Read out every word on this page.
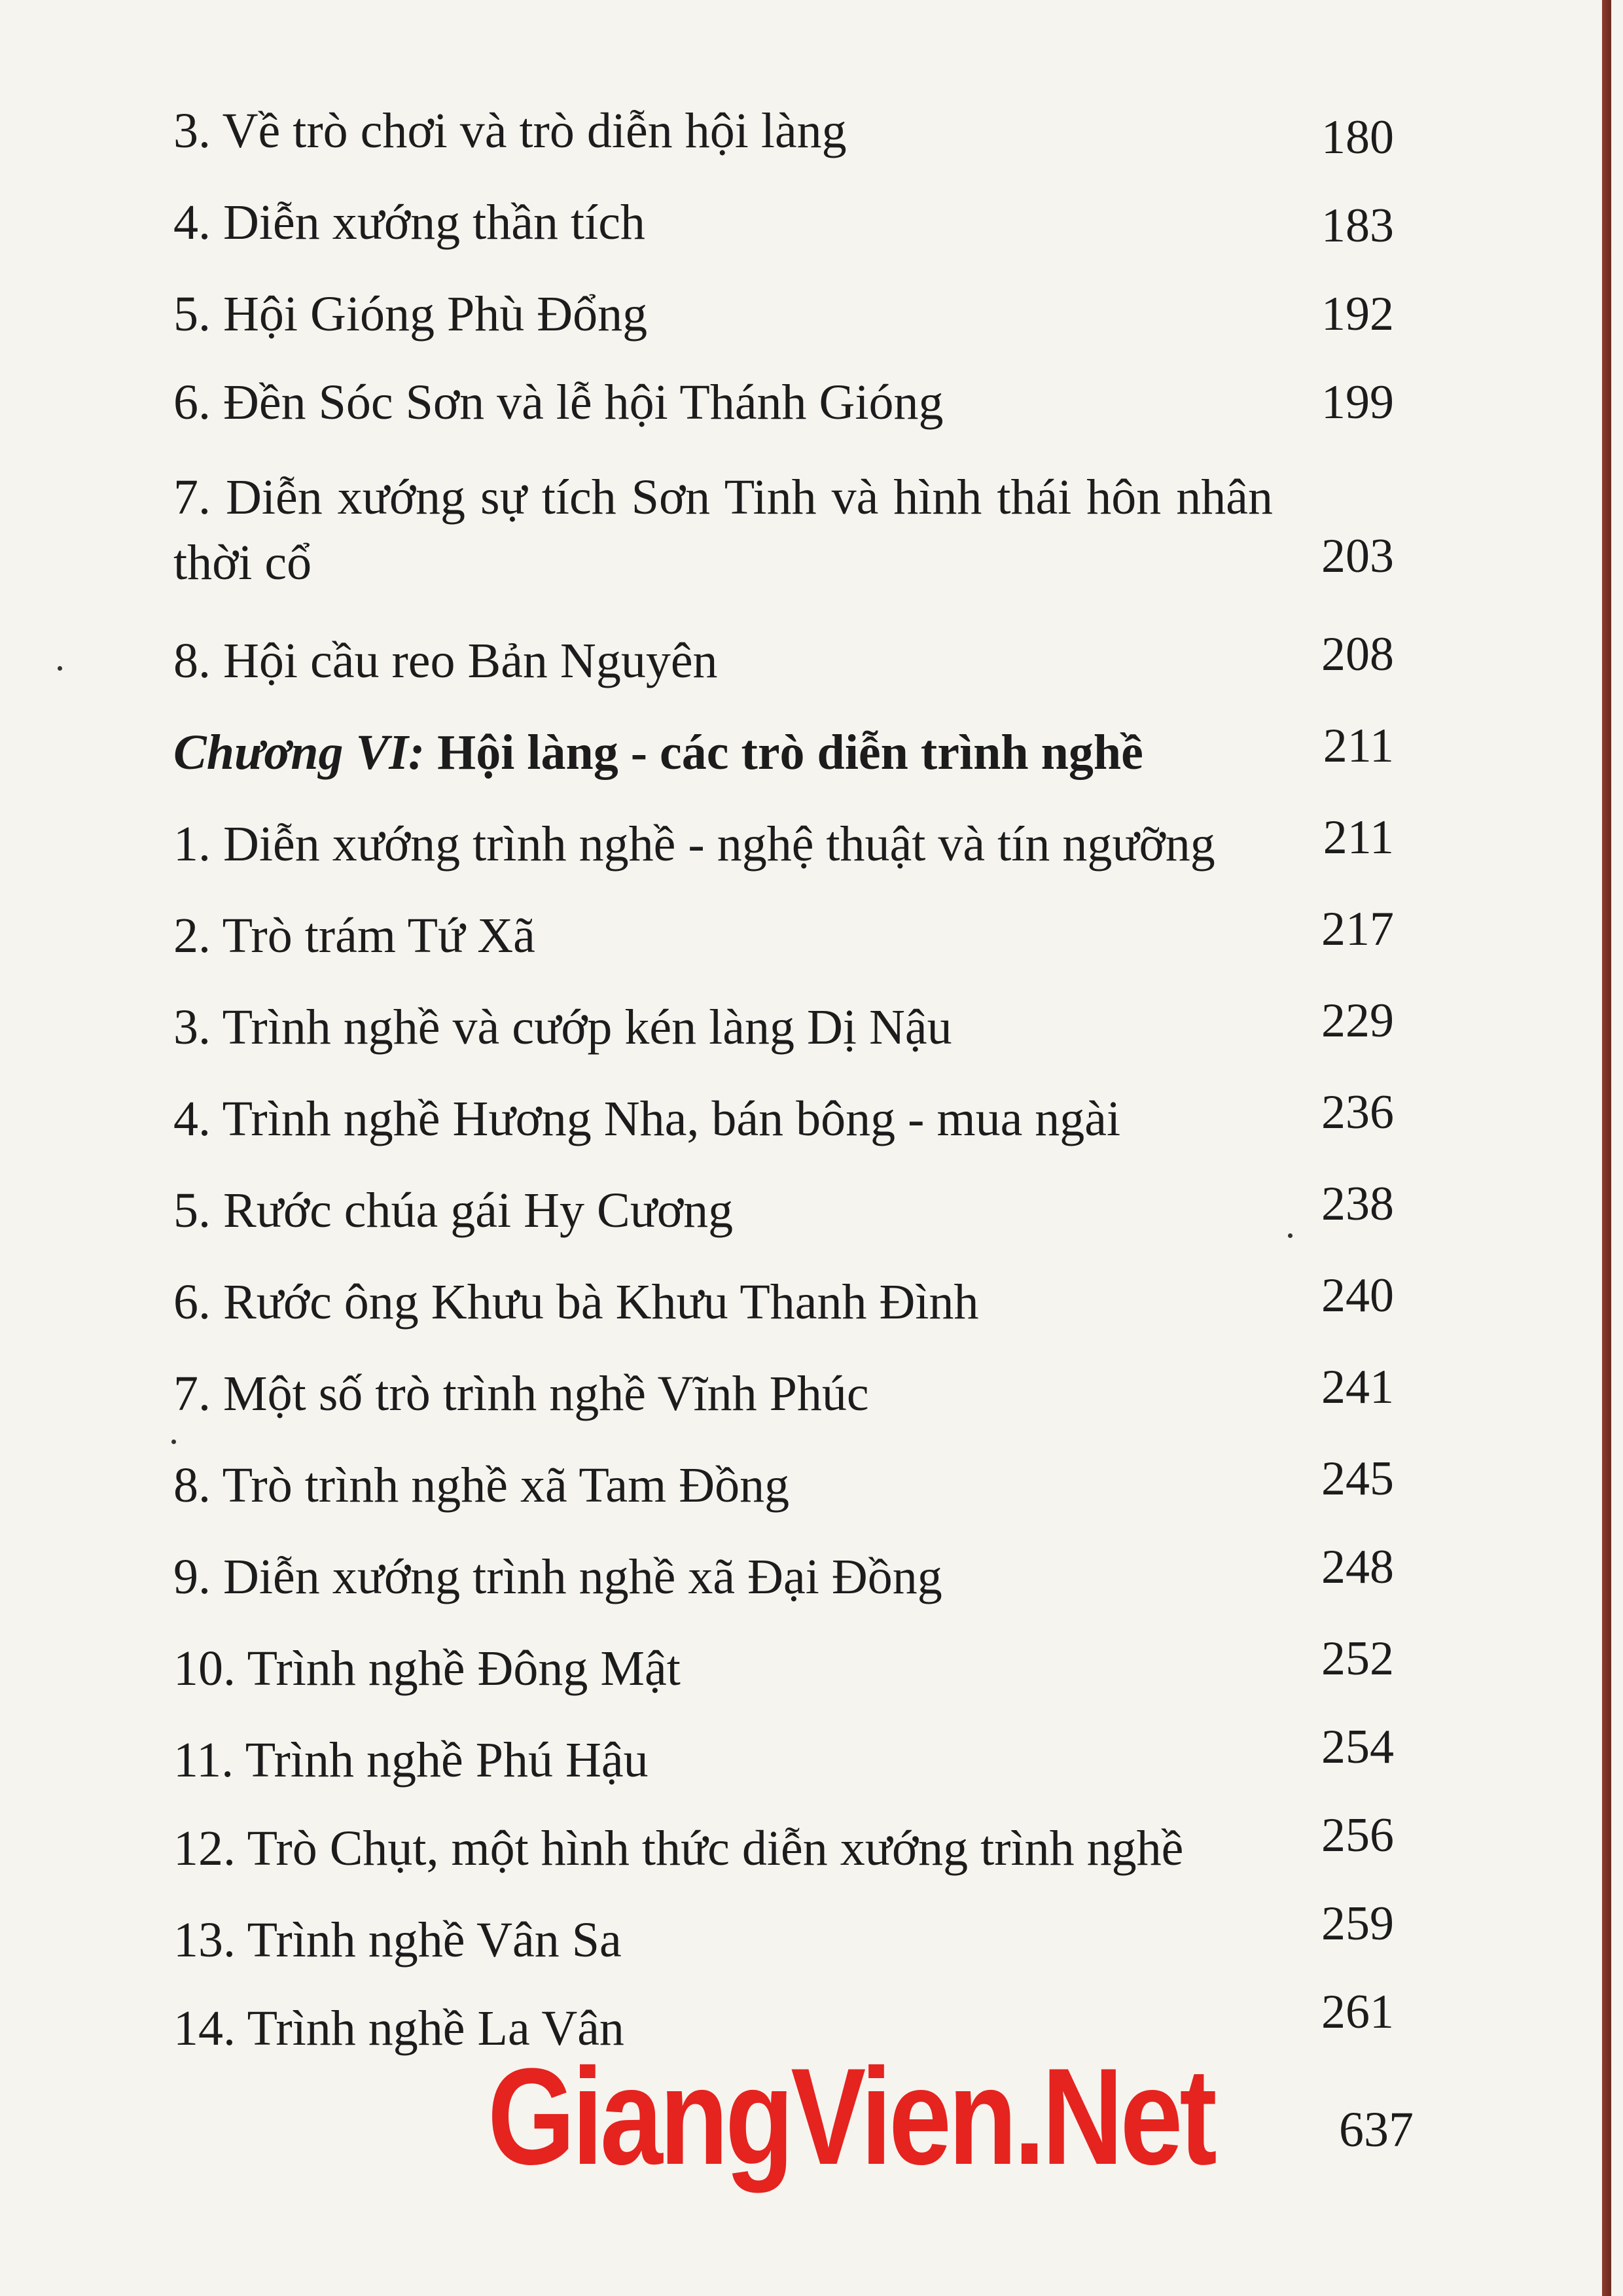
3. Về trò chơi và trò diễn hội làng	180
4. Diễn xướng thần tích	183
5. Hội Gióng Phù Đổng	192
6. Đền Sóc Sơn và lễ hội Thánh Gióng	199
7. Diễn xướng sự tích Sơn Tinh và hình thái hôn nhân thời cổ	203
8. Hội cầu reo Bản Nguyên	208
Chương VI: Hội làng - các trò diễn trình nghề	211
1. Diễn xướng trình nghề - nghệ thuật và tín ngưỡng	211
2. Trò trám Tứ Xã	217
3. Trình nghề và cướp kén làng Dị Nậu	229
4. Trình nghề Hương Nha, bán bông - mua ngài	236
5. Rước chúa gái Hy Cương	238
6. Rước ông Khưu bà Khưu Thanh Đình	240
7. Một số trò trình nghề Vĩnh Phúc	241
8. Trò trình nghề xã Tam Đồng	245
9. Diễn xướng trình nghề xã Đại Đồng	248
10. Trình nghề Đông Mật	252
11. Trình nghề Phú Hậu	254
12. Trò Chụt, một hình thức diễn xướng trình nghề	256
13. Trình nghề Vân Sa	259
14. Trình nghề La Vân	261
GiangVien.Net	637
